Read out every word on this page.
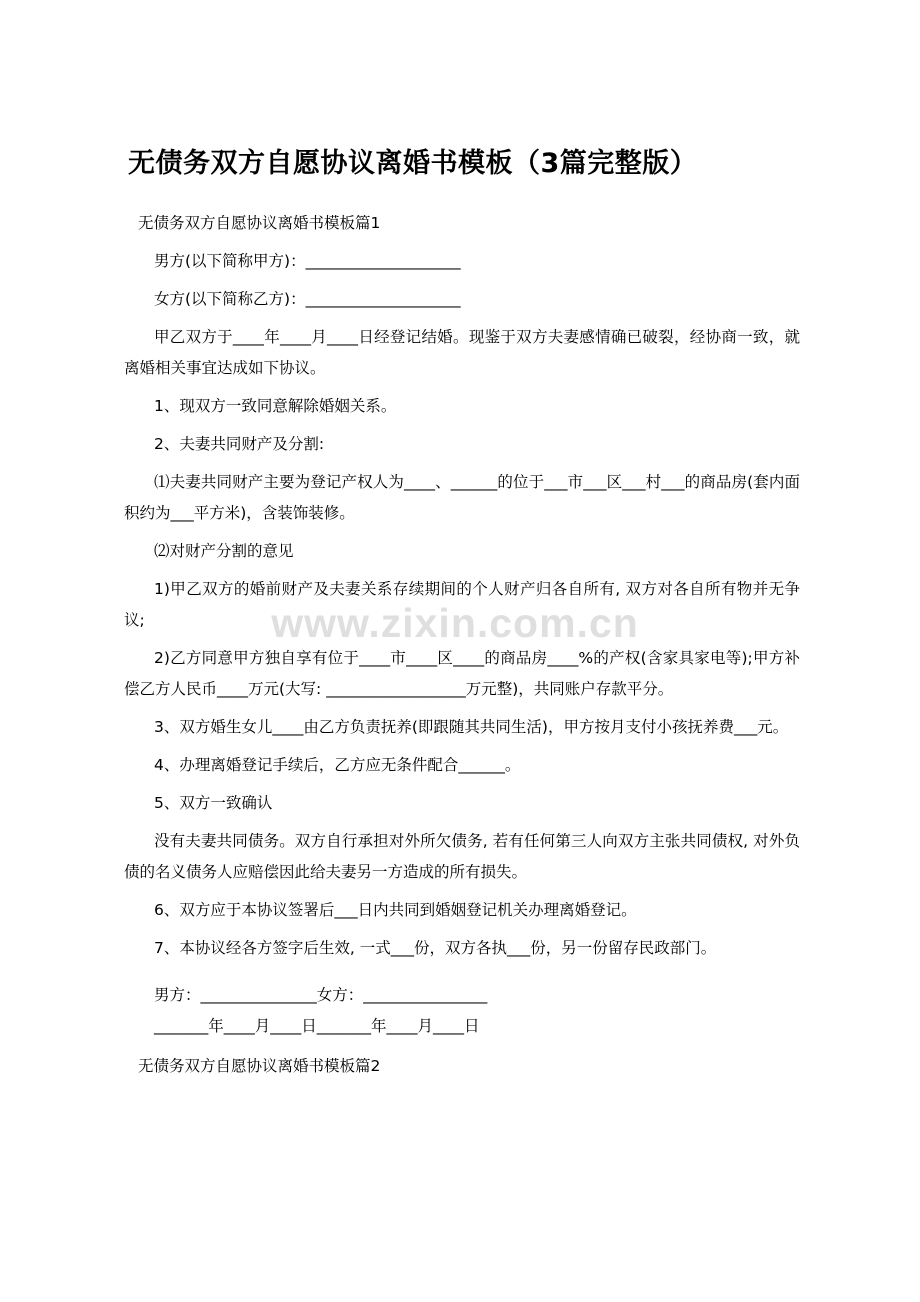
无债务双方自愿协议离婚书模板（3篇完整版）

无债务双方自愿协议离婚书模板篇1

男方(以下简称甲方)：____________________

女方(以下简称乙方)：____________________

甲乙双方于____年____月____日经登记结婚。现鉴于双方夫妻感情确已破裂，经协商一致，就离婚相关事宜达成如下协议。

1、现双方一致同意解除婚姻关系。

2、夫妻共同财产及分割:

⑴夫妻共同财产主要为登记产权人为____、______的位于___市___区___村___的商品房(套内面积约为___平方米)，含装饰装修。

⑵对财产分割的意见

1)甲乙双方的婚前财产及夫妻关系存续期间的个人财产归各自所有, 双方对各自所有物并无争议;

2)乙方同意甲方独自享有位于____市____区____的商品房____%的产权(含家具家电等);甲方补偿乙方人民币____万元(大写: __________________万元整)，共同账户存款平分。

3、双方婚生女儿____由乙方负责抚养(即跟随其共同生活)，甲方按月支付小孩抚养费___元。

4、办理离婚登记手续后，乙方应无条件配合______。

5、双方一致确认

没有夫妻共同债务。双方自行承担对外所欠债务, 若有任何第三人向双方主张共同债权, 对外负债的名义债务人应赔偿因此给夫妻另一方造成的所有损失。

6、双方应于本协议签署后___日内共同到婚姻登记机关办理离婚登记。

7、本协议经各方签字后生效, 一式___份，双方各执___份，另一份留存民政部门。

男方：_______________女方：________________

_______年____月____日_______年____月____日

无债务双方自愿协议离婚书模板篇2

www.zixin.com.cn
